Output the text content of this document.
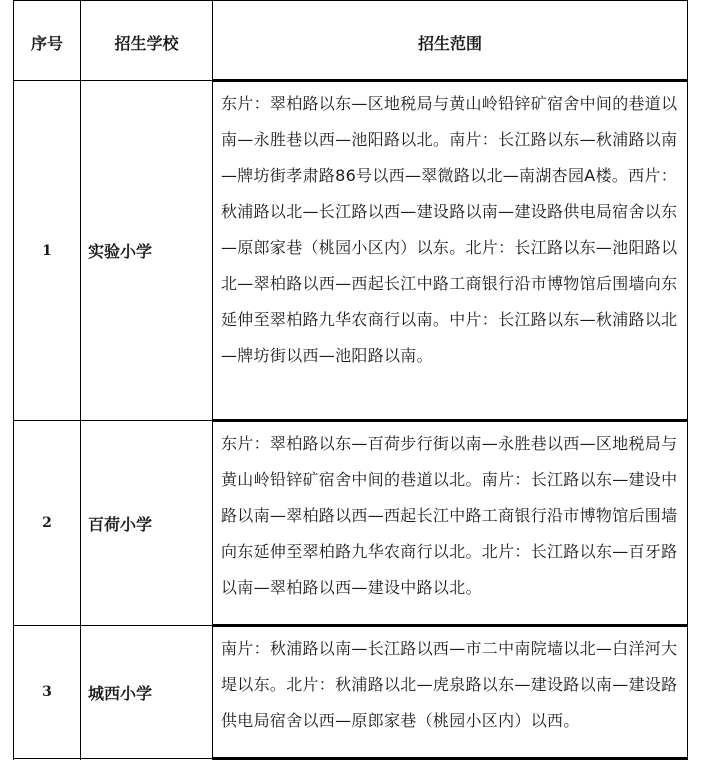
序号	招生学校	招生范围
1	实验小学	东片：翠柏路以东—区地税局与黄山岭铅锌矿宿舍中间的巷道以南—永胜巷以西—池阳路以北。南片：长江路以东—秋浦路以南—牌坊街孝肃路86号以西—翠微路以北—南湖杏园A楼。西片：秋浦路以北—长江路以西—建设路以南—建设路供电局宿舍以东—原郎家巷（桃园小区内）以东。北片：长江路以东—池阳路以北—翠柏路以西—西起长江中路工商银行沿市博物馆后围墙向东延伸至翠柏路九华农商行以南。中片：长江路以东—秋浦路以北—牌坊街以西—池阳路以南。
2	百荷小学	东片：翠柏路以东—百荷步行街以南—永胜巷以西—区地税局与黄山岭铅锌矿宿舍中间的巷道以北。南片：长江路以东—建设中路以南—翠柏路以西—西起长江中路工商银行沿市博物馆后围墙向东延伸至翠柏路九华农商行以北。北片：长江路以东—百牙路以南—翠柏路以西—建设中路以北。
3	城西小学	南片：秋浦路以南—长江路以西—市二中南院墙以北—白洋河大堤以东。北片：秋浦路以北—虎泉路以东—建设路以南—建设路供电局宿舍以西—原郎家巷（桃园小区内）以西。
